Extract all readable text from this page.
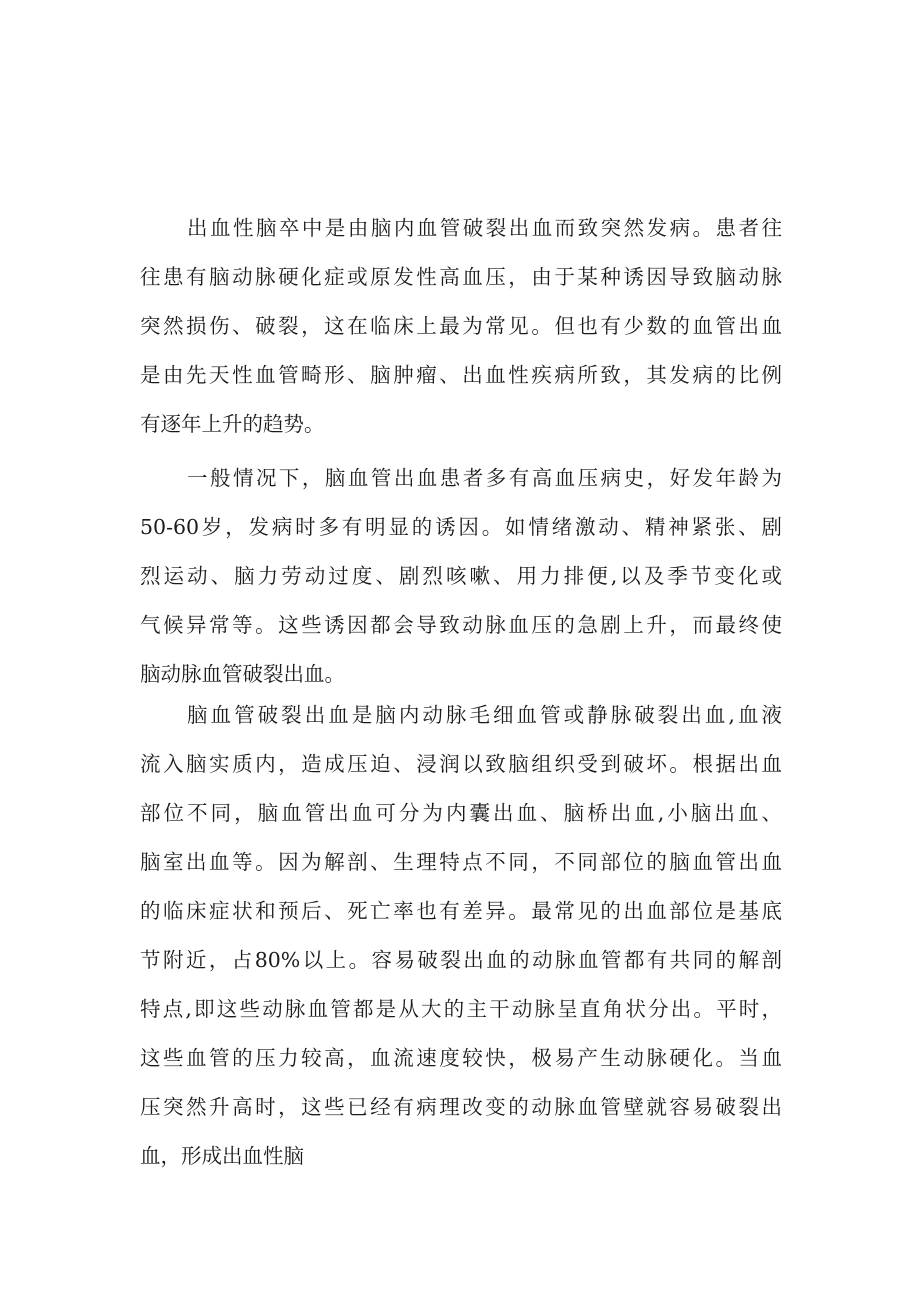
出血性脑卒中是由脑内血管破裂出血而致突然发病。患者往
往患有脑动脉硬化症或原发性高血压，由于某种诱因导致脑动脉
突然损伤、破裂，这在临床上最为常见。但也有少数的血管出血
是由先天性血管畸形、脑肿瘤、出血性疾病所致，其发病的比例
有逐年上升的趋势。
一般情况下，脑血管出血患者多有高血压病史，好发年龄为
50-60岁，发病时多有明显的诱因。如情绪激动、精神紧张、剧
烈运动、脑力劳动过度、剧烈咳嗽、用力排便,以及季节变化或
气候异常等。这些诱因都会导致动脉血压的急剧上升，而最终使
脑动脉血管破裂出血。
脑血管破裂出血是脑内动脉毛细血管或静脉破裂出血,血液
流入脑实质内，造成压迫、浸润以致脑组织受到破坏。根据出血
部位不同，脑血管出血可分为内囊出血、脑桥出血,小脑出血、
脑室出血等。因为解剖、生理特点不同，不同部位的脑血管出血
的临床症状和预后、死亡率也有差异。最常见的出血部位是基底
节附近，占80%以上。容易破裂出血的动脉血管都有共同的解剖
特点,即这些动脉血管都是从大的主干动脉呈直角状分出。平时，
这些血管的压力较高，血流速度较快，极易产生动脉硬化。当血
压突然升高时，这些已经有病理改变的动脉血管壁就容易破裂出
血，形成出血性脑
